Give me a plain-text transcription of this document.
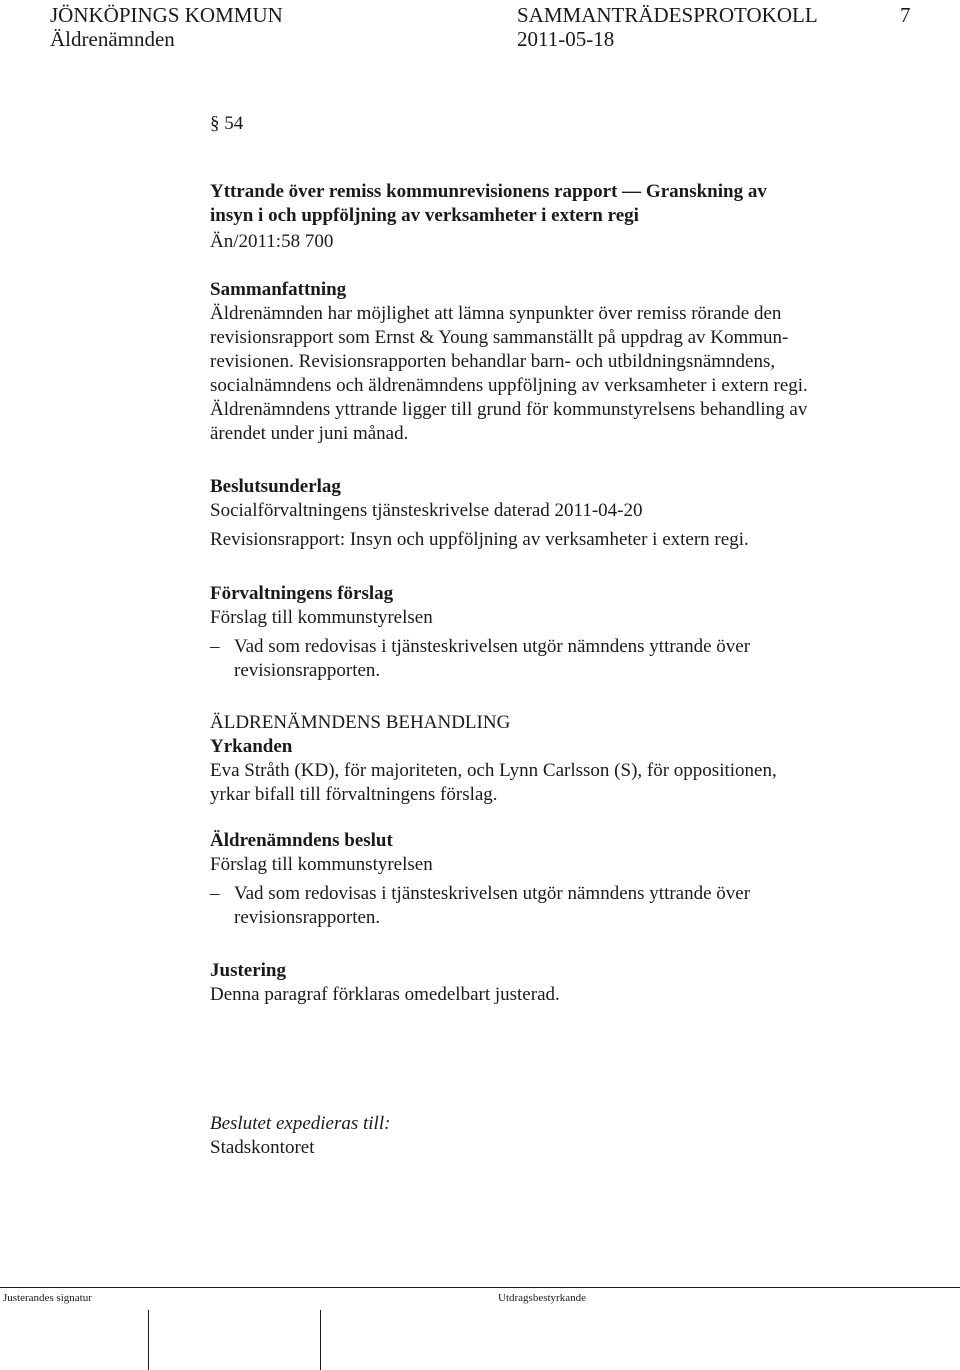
JÖNKÖPINGS KOMMUN	SAMMANTRÄDESPROTOKOLL	7
Äldrenämnden	2011-05-18
§ 54
Yttrande över remiss kommunrevisionens rapport — Granskning av
insyn i och uppföljning av verksamheter i extern regi
Än/2011:58 700
Sammanfattning
Äldrenämnden har möjlighet att lämna synpunkter över remiss rörande den
revisionsrapport som Ernst & Young sammanställt på uppdrag av Kommun-
revisionen. Revisionsrapporten behandlar barn- och utbildningsnämndens,
socialnämndens och äldrenämndens uppföljning av verksamheter i extern regi.
Äldrenämndens yttrande ligger till grund för kommunstyrelsens behandling av
ärendet under juni månad.
Beslutsunderlag
Socialförvaltningens tjänsteskrivelse daterad 2011-04-20
Revisionsrapport: Insyn och uppföljning av verksamheter i extern regi.
Förvaltningens förslag
Förslag till kommunstyrelsen
– Vad som redovisas i tjänsteskrivelsen utgör nämndens yttrande över
revisionsrapporten.
ÄLDRENÄMNDENS BEHANDLING
Yrkanden
Eva Stråth (KD), för majoriteten, och Lynn Carlsson (S), för oppositionen,
yrkar bifall till förvaltningens förslag.
Äldrenämndens beslut
Förslag till kommunstyrelsen
– Vad som redovisas i tjänsteskrivelsen utgör nämndens yttrande över
revisionsrapporten.
Justering
Denna paragraf förklaras omedelbart justerad.
Beslutet expedieras till:
Stadskontoret
Justerandes signatur	Utdragsbestyrkande
